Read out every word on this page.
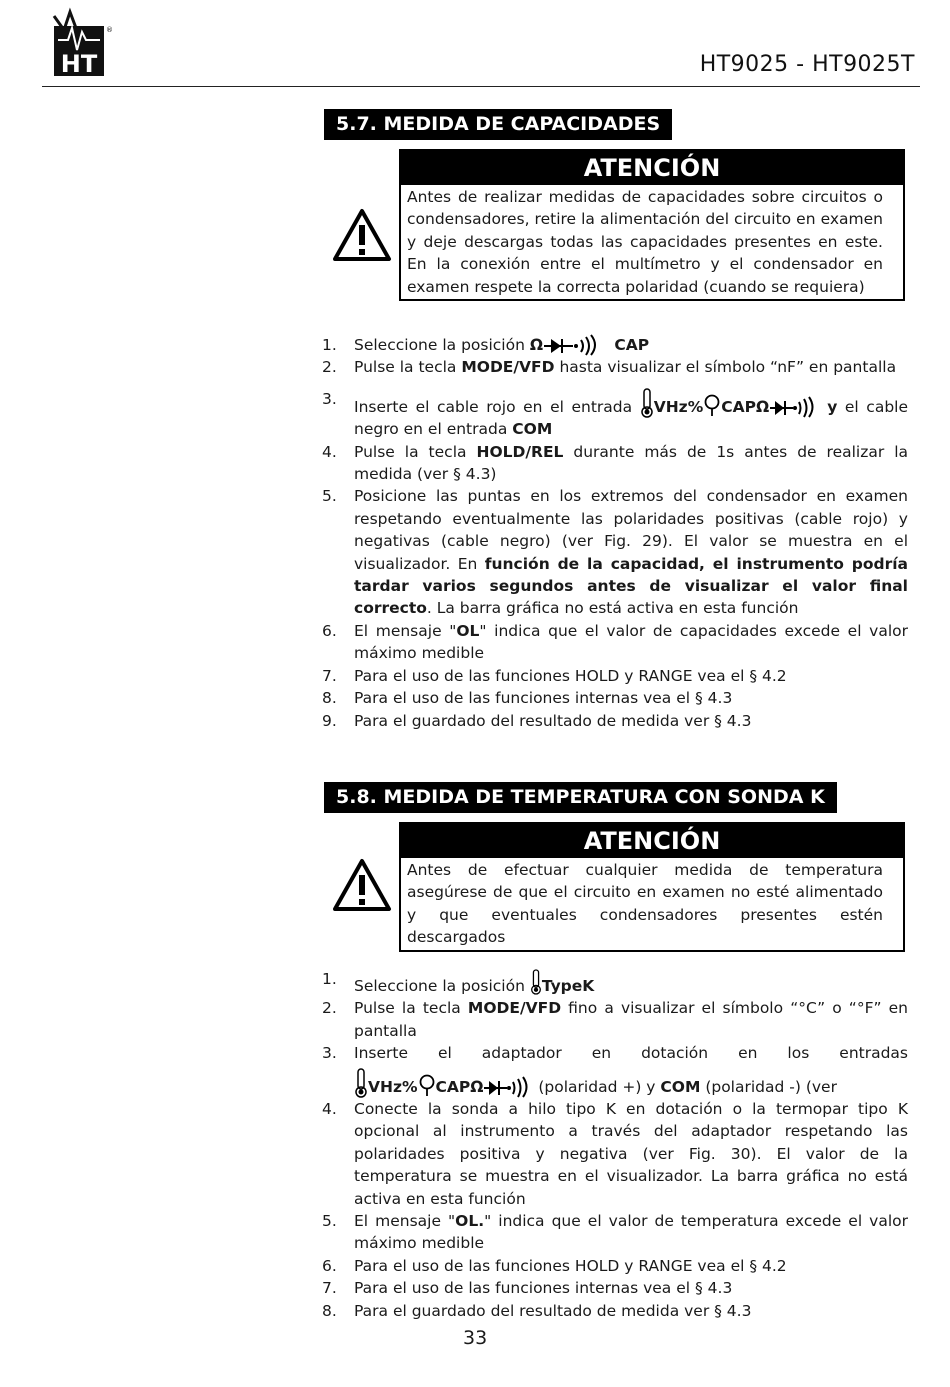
HT
®
HT9025 - HT9025T
5.7. MEDIDA DE CAPACIDADES
ATENCIÓN
Antes de realizar medidas de capacidades sobre circuitos o condensadores, retire la alimentación del circuito en examen y deje descargas todas las capacidades presentes en este. En la conexión entre el multímetro y el condensador en examen respete la correcta polaridad (cuando se requiera)
1. Seleccione la posición Ω	CAP
2. Pulse la tecla MODE/VFD hasta visualizar el símbolo “nF” en pantalla
3. Inserte el cable rojo en el entrada VHz% CAPΩ	y el cable negro en el entrada COM
4. Pulse la tecla HOLD/REL durante más de 1s antes de realizar la medida (ver § 4.3)
5. Posicione las puntas en los extremos del condensador en examen respetando eventualmente las polaridades positivas (cable rojo) y negativas (cable negro) (ver Fig. 29). El valor se muestra en el visualizador. En función de la capacidad, el instrumento podría tardar varios segundos antes de visualizar el valor final correcto. La barra gráfica no está activa en esta función
6. El mensaje "OL" indica que el valor de capacidades excede el valor máximo medible
7. Para el uso de las funciones HOLD y RANGE vea el § 4.2
8. Para el uso de las funciones internas vea el § 4.3
9. Para el guardado del resultado de medida ver § 4.3
5.8. MEDIDA DE TEMPERATURA CON SONDA K
ATENCIÓN
Antes de efectuar cualquier medida de temperatura asegúrese de que el circuito en examen no esté alimentado y que eventuales condensadores presentes estén descargados
1. Seleccione la posición TypeK
2. Pulse la tecla MODE/VFD fino a visualizar el símbolo “°C” o “°F” en pantalla
3. Inserte el adaptador en dotación en los entradas
VHz% CAPΩ	(polaridad +) y COM (polaridad -) (ver
4. Conecte la sonda a hilo tipo K en dotación o la termopar tipo K opcional al instrumento a través del adaptador respetando las polaridades positiva y negativa (ver Fig. 30). El valor de la temperatura se muestra en el visualizador. La barra gráfica no está activa en esta función
5. El mensaje "OL." indica que el valor de temperatura excede el valor máximo medible
6. Para el uso de las funciones HOLD y RANGE vea el § 4.2
7. Para el uso de las funciones internas vea el § 4.3
8. Para el guardado del resultado de medida ver § 4.3
33
